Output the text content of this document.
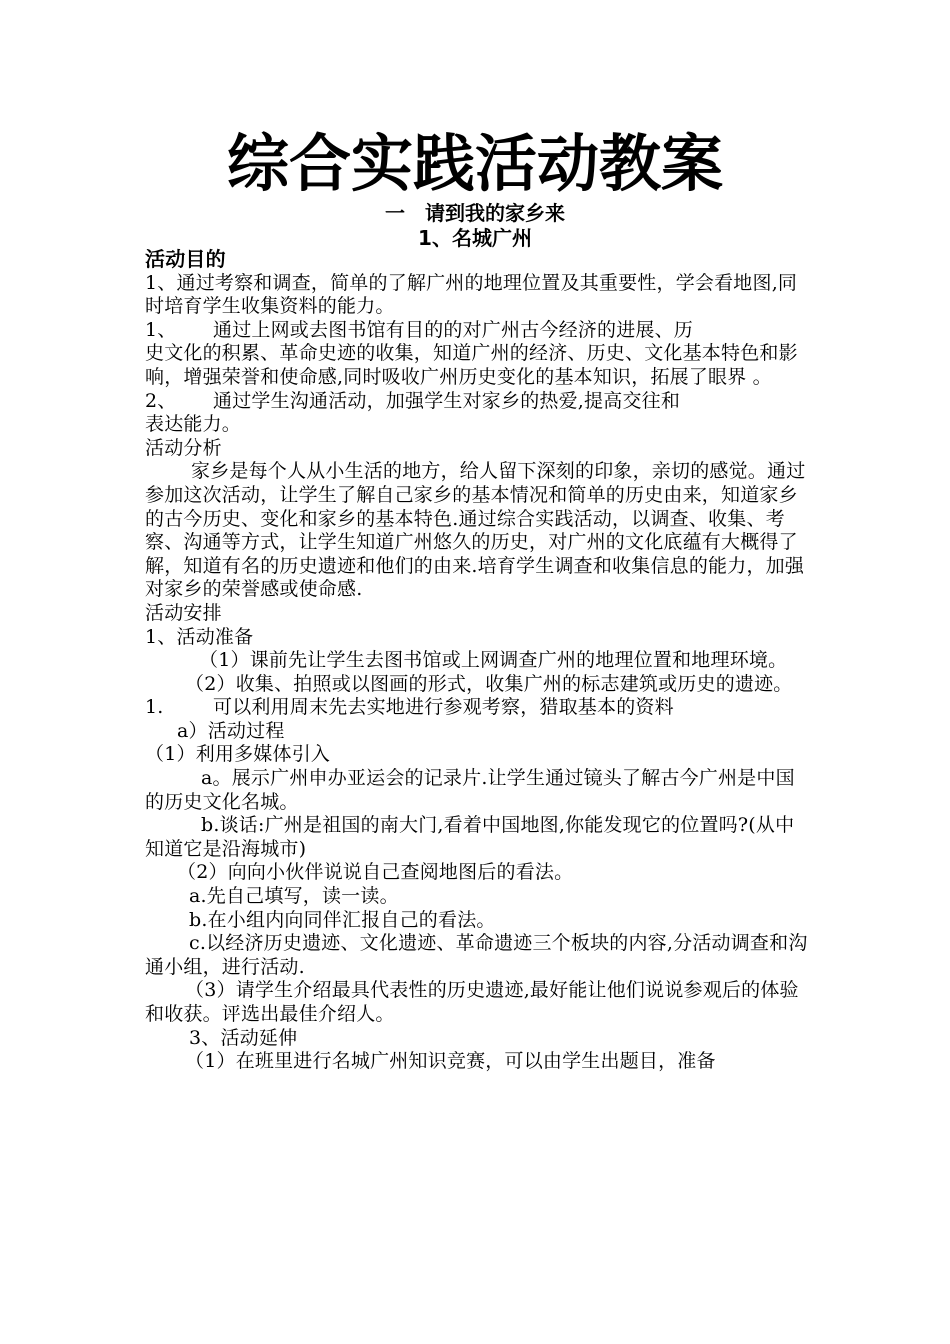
综合实践活动教案
一　请到我的家乡来
1、名城广州

活动目的

1、通过考察和调查，简单的了解广州的地理位置及其重要性，学会看地图,同时培育学生收集资料的能力。

1、 通过上网或去图书馆有目的的对广州古今经济的进展、历

史文化的积累、革命史迹的收集，知道广州的经济、历史、文化基本特色和影响，增强荣誉和使命感,同时吸收广州历史变化的基本知识，拓展了眼界 。

2、 通过学生沟通活动，加强学生对家乡的热爱,提高交往和

表达能力。

活动分析

家乡是每个人从小生活的地方，给人留下深刻的印象，亲切的感觉。通过参加这次活动，让学生了解自己家乡的基本情况和简单的历史由来，知道家乡的古今历史、变化和家乡的基本特色.通过综合实践活动，以调查、收集、考察、沟通等方式，让学生知道广州悠久的历史，对广州的文化底蕴有大概得了解，知道有名的历史遗迹和他们的由来.培育学生调查和收集信息的能力，加强对家乡的荣誉感或使命感.

活动安排

1、活动准备

（1）课前先让学生去图书馆或上网调查广州的地理位置和地理环境。

（2）收集、拍照或以图画的形式，收集广州的标志建筑或历史的遗迹。

1.	可以利用周末先去实地进行参观考察，猎取基本的资料

a）活动过程

（1）利用多媒体引入

a。展示广州申办亚运会的记录片.让学生通过镜头了解古今广州是中国的历史文化名城。

b.谈话:广州是祖国的南大门,看着中国地图,你能发现它的位置吗?(从中知道它是沿海城市)

（2）向向小伙伴说说自己查阅地图后的看法。

a.先自己填写，读一读。

b.在小组内向同伴汇报自己的看法。

c.以经济历史遗迹、文化遗迹、革命遗迹三个板块的内容,分活动调查和沟通小组，进行活动.

（3）请学生介绍最具代表性的历史遗迹,最好能让他们说说参观后的体验和收获。评选出最佳介绍人。

3、活动延伸

（1）在班里进行名城广州知识竞赛，可以由学生出题目，准备
